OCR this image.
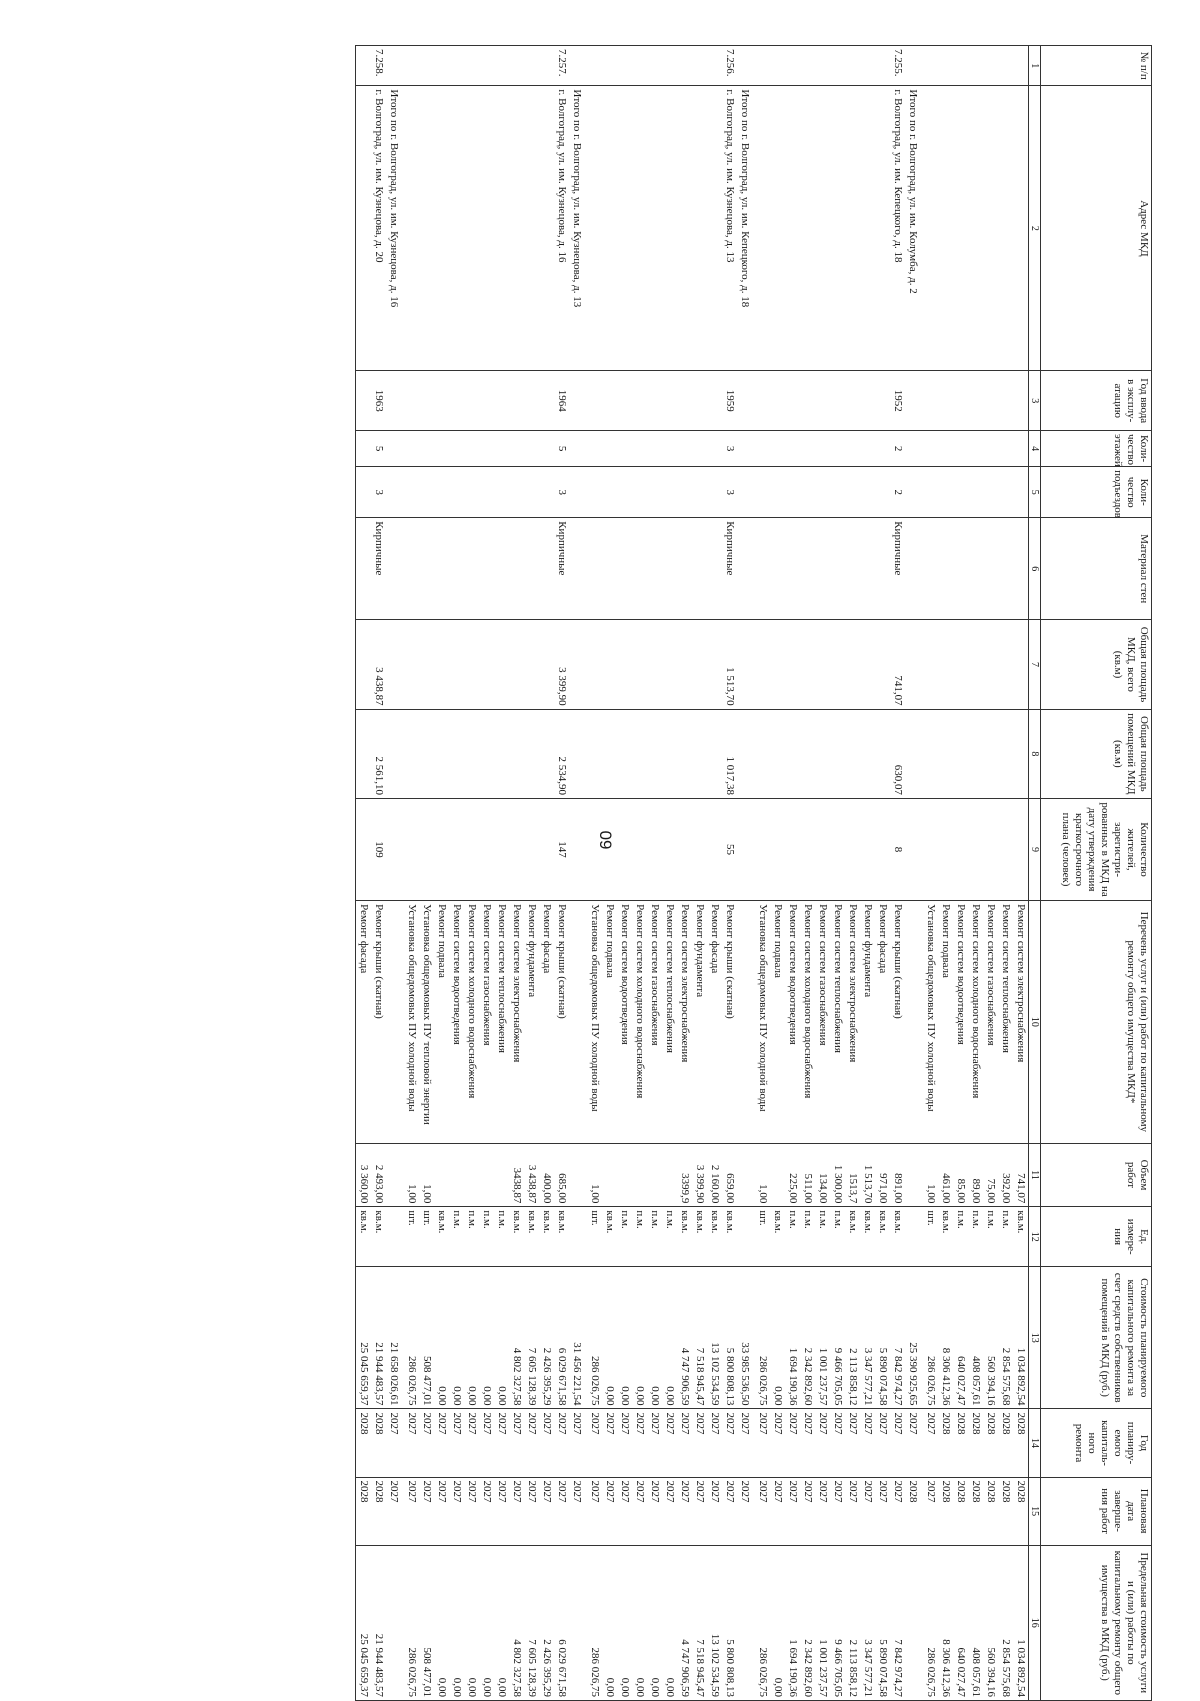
60
№ п/п	Адрес МКД	Год ввода в эксплу- атацию	Коли- чество этажей	Коли- чество подъездов	Материал стен	Общая площадь МКД, всего (кв.м)	Общая площадь помещений МКД (кв.м)	Количество жителей, зарегистри- рованных в МКД на дату утверждения краткосрочного плана (человек)	Перечень услуг и (или) работ по капитальному ремонту общего имущества МКД*	Объем работ	Ед. измере- ния	Стоимость планируемого капитального ремонта за счет средств собственников помещений в МКД (руб.)	Год планиру- емого капиталь- ного ремонта	Плановая дата заверше- ния работ	Предельная стоимость услуги и (или) работы по капитальному ремонту общего имущества в МКД (руб.)
1	2	3	4	5	6	7	8	9	10	11	12	13	14	15	16
									Ремонт систем электроснабжения	741,07	кв.м.	1 034 892,54	2028	2028	1 034 892,54
									Ремонт систем теплоснабжения	392,00	п.м.	2 854 575,68	2028	2028	2 854 575,68
									Ремонт систем газоснабжения	75,00	п.м.	560 394,16	2028	2028	560 394,16
									Ремонт систем холодного водоснабжения	89,00	п.м.	408 057,61	2028	2028	408 057,61
									Ремонт систем водоотведения	85,00	п.м.	640 027,47	2028	2028	640 027,47
									Ремонт подвала	461,00	кв.м.	8 306 412,36	2028	2028	8 306 412,36
									Установка общедомовых ПУ холодной воды	1,00	шт.	286 026,75	2027	2027	286 026,75
	Итого по г. Волгоград, ул. им. Колумба, д. 2											25 390 925,65	2027	2028	
7.255.	г. Волгоград, ул. им. Кепецкого, д. 18	1952	2	2	Кирпичные	741,07	630,07	8	Ремонт крыши (скатная)	891,00	кв.м.	7 842 974,27	2027	2027	7 842 974,27
									Ремонт фасада	971,00	кв.м.	5 890 074,58	2027	2027	5 890 074,58
									Ремонт фундамента	1 513,70	кв.м.	3 347 577,21	2027	2027	3 347 577,21
									Ремонт систем электроснабжения	1513,7	кв.м.	2 113 858,12	2027	2027	2 113 858,12
									Ремонт систем теплоснабжения	1 300,00	п.м.	9 466 705,05	2027	2027	9 466 705,05
									Ремонт систем газоснабжения	134,00	п.м.	1 001 237,57	2027	2027	1 001 237,57
									Ремонт систем холодного водоснабжения	511,00	п.м.	2 342 892,60	2027	2027	2 342 892,60
									Ремонт систем водоотведения	225,00	п.м.	1 694 190,36	2027	2027	1 694 190,36
									Ремонт подвала		кв.м.	0,00	2027	2027	0,00
									Установка общедомовых ПУ холодной воды	1,00	шт.	286 026,75	2027	2027	286 026,75
	Итого по г. Волгоград, ул. им. Кепецкого, д. 18											33 985 536,50	2027	2027	
7.256.	г. Волгоград, ул. им. Кузнецова, д. 13	1959	3	3	Кирпичные	1 513,70	1 017,38	55	Ремонт крыши (скатная)	659,00	кв.м.	5 800 808,13	2027	2027	5 800 808,13
									Ремонт фасада	2 160,00	кв.м.	13 102 534,59	2027	2027	13 102 534,59
									Ремонт фундамента	3 399,90	кв.м.	7 518 945,47	2027	2027	7 518 945,47
									Ремонт систем электроснабжения	3399,9	кв.м.	4 747 906,59	2027	2027	4 747 906,59
									Ремонт систем теплоснабжения		п.м.	0,00	2027	2027	0,00
									Ремонт систем газоснабжения		п.м.	0,00	2027	2027	0,00
									Ремонт систем холодного водоснабжения		п.м.	0,00	2027	2027	0,00
									Ремонт систем водоотведения		п.м.	0,00	2027	2027	0,00
									Ремонт подвала		кв.м.	0,00	2027	2027	0,00
									Установка общедомовых ПУ холодной воды	1,00	шт.	286 026,75	2027	2027	286 026,75
	Итого по г. Волгоград, ул. им. Кузнецова, д. 13											31 456 221,54	2027	2027	
7.257.	г. Волгоград, ул. им. Кузнецова, д. 16	1964	5	3	Кирпичные	3 399,90	2 534,90	147	Ремонт крыши (скатная)	685,00	кв.м.	6 029 671,58	2027	2027	6 029 671,58
									Ремонт фасада	400,00	кв.м.	2 426 395,29	2027	2027	2 426 395,29
									Ремонт фундамента	3 438,87	кв.м.	7 605 128,39	2027	2027	7 605 128,39
									Ремонт систем электроснабжения	3438,87	кв.м.	4 802 327,58	2027	2027	4 802 327,58
									Ремонт систем теплоснабжения		п.м.	0,00	2027	2027	0,00
									Ремонт систем газоснабжения		п.м.	0,00	2027	2027	0,00
									Ремонт систем холодного водоснабжения		п.м.	0,00	2027	2027	0,00
									Ремонт систем водоотведения		п.м.	0,00	2027	2027	0,00
									Ремонт подвала		кв.м.	0,00	2027	2027	0,00
									Установка общедомовых ПУ тепловой энергии	1,00	шт.	508 477,01	2027	2027	508 477,01
									Установка общедомовых ПУ холодной воды	1,00	шт.	286 026,75	2027	2027	286 026,75
	Итого по г. Волгоград, ул. им. Кузнецова, д. 16											21 658 026,61	2027	2027	
7.258.	г. Волгоград, ул. им. Кузнецова, д. 20	1963	5	3	Кирпичные	3 438,87	2 561,10	109	Ремонт крыши (скатная)	2 493,00	кв.м.	21 944 483,57	2028	2028	21 944 483,57
									Ремонт фасада	3 360,00	кв.м.	25 045 659,37	2028	2028	25 045 659,37
